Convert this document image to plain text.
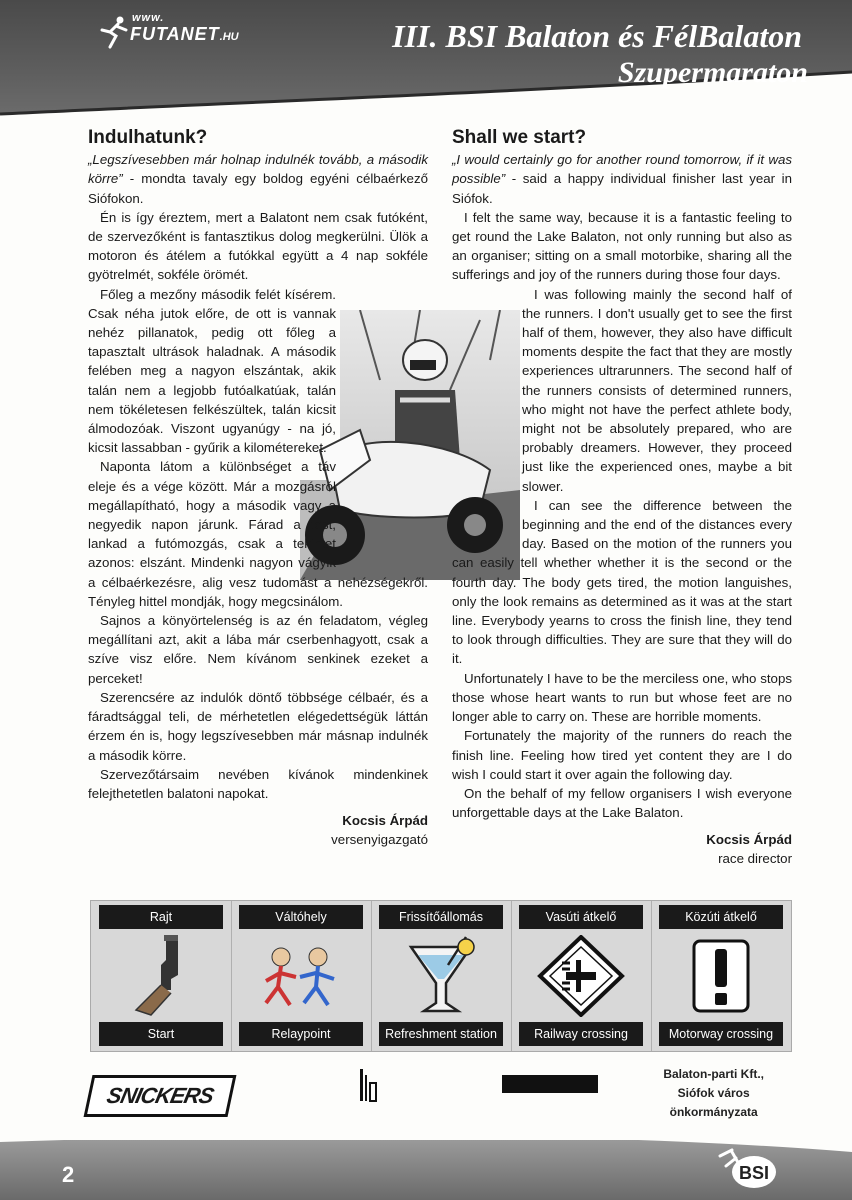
www.
FUTANET.HU	III. BSI Balaton és FélBalaton
Szupermaraton
Indulhatunk?

„Legszívesebben már holnap indulnék tovább, a második körre” - mondta tavaly egy boldog egyéni célbaérkező Siófokon.

Én is így éreztem, mert a Balatont nem csak futóként, de szervezőként is fantasztikus dolog megkerülni. Ülök a motoron és átélem a futókkal együtt a 4 nap sokféle gyötrelmét, sokféle örömét.

Főleg a mezőny második felét kísérem. Csak néha jutok előre, de ott is vannak nehéz pillanatok, pedig ott főleg a tapasztalt ultrások haladnak. A második felében meg a nagyon elszántak, akik talán nem a legjobb futóalkatúak, talán nem tökéletesen felkészültek, talán kicsit álmodozóak. Viszont ugyanúgy - na jó, kicsit lassabban - gyűrik a kilométereket.

Naponta látom a különbséget a táv eleje és a vége között. Már a mozgásról megállapítható, hogy a második vagy a negyedik napon járunk. Fárad a test, lankad a futómozgás, csak a tekintet azonos: elszánt. Mindenki nagyon vágyik a célbaérkezésre, alig vesz tudomást a nehézségekről. Tényleg hittel mondják, hogy megcsinálom.

Sajnos a könyörtelenség is az én feladatom, végleg megállítani azt, akit a lába már cserbenhagyott, csak a szíve visz előre. Nem kívánom senkinek ezeket a perceket!

Szerencsére az indulók döntő többsége célbaér, és a fáradtsággal teli, de mérhetetlen elégedettségük láttán érzem én is, hogy legszívesebben már másnap indulnék a második körre.

Szervezőtársaim nevében kívánok mindenkinek felejthetetlen balatoni napokat.

Kocsis Árpád
versenyigazgató
Shall we start?

„I would certainly go for another round tomorrow, if it was possible” - said a happy individual finisher last year in Siófok.

I felt the same way, because it is a fantastic feeling to get round the Lake Balaton, not only running but also as an organiser; sitting on a small motorbike, sharing all the sufferings and joy of the runners during those four days.

I was following mainly the second half of the runners. I don't usually get to see the first half of them, however, they also have difficult moments despite the fact that they are mostly experiences ultrarunners. The second half of the runners consists of determined runners, who might not have the perfect athlete body, might not be absolutely prepared, who are probably dreamers. However, they proceed just like the experienced ones, maybe a bit slower.

I can see the difference between the beginning and the end of the distances every day. Based on the motion of the runners you can easily tell whether whether it is the second or the fourth day. The body gets tired, the motion languishes, only the look remains as determined as it was at the start line. Everybody yearns to cross the finish line, they tend to look through difficulties. They are sure that they will do it.

Unfortunately I have to be the merciless one, who stops those whose heart wants to run but whose feet are no longer able to carry on. These are horrible moments.

Fortunately the majority of the runners do reach the finish line. Feeling how tired yet content they are I do wish I could start it over again the following day.

On the behalf of my fellow organisers I wish everyone unforgettable days at the Lake Balaton.

Kocsis Árpád
race director
Rajt
Start
Váltóhely
Relaypoint
Frissítőállomás
Refreshment station
Vasúti átkelő
Railway crossing
Közúti átkelő
Motorway crossing
SNICKERS
Balaton-parti Kft.,
Siófok város
önkormányzata
2	BSI
